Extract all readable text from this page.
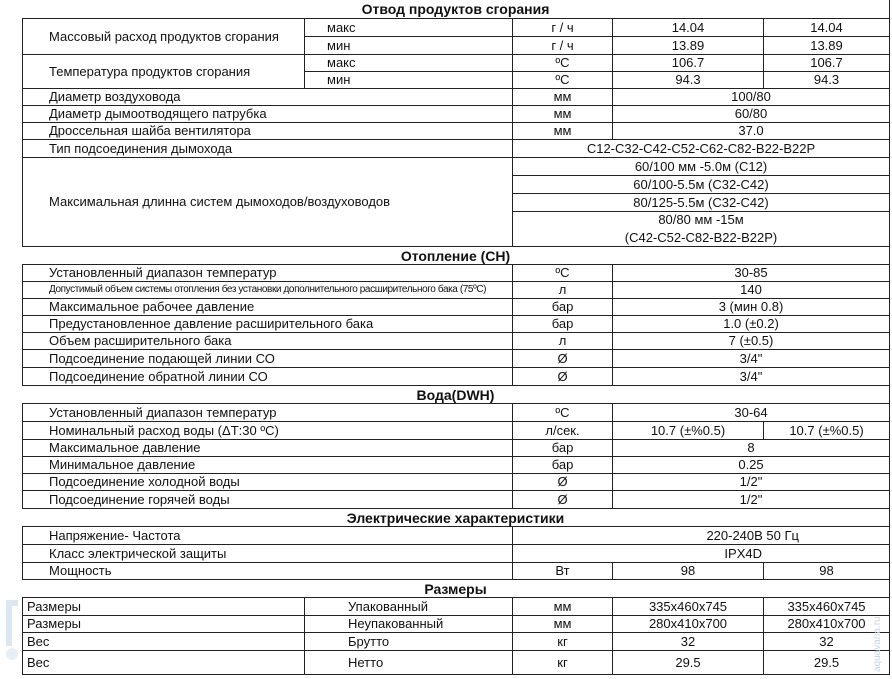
Отвод продуктов сгорания
Массовый расход продуктов сгорания
макс	г / ч	14.04	14.04
мин	г / ч	13.89	13.89
Температура продуктов сгорания
макс	ºС	106.7	106.7
мин	ºС	94.3	94.3
Диаметр воздуховода	мм	100/80
Диаметр дымоотводящего патрубка	мм	60/80
Дроссельная шайба вентилятора	мм	37.0
Тип подсоединения дымохода	С12-С32-С42-С52-С62-С82-В22-В22Р
Максимальная длинна систем дымоходов/воздуховодов
60/100 мм -5.0м (С12)
60/100-5.5м (С32-С42)
80/125-5.5м (С32-С42)
80/80 мм -15м
(С42-С52-С82-В22-В22Р)
Отопление (СН)
Установленный диапазон температур	ºС	30-85
Допустимый объем системы отопления без установки дополнительного расширительного бака (75ºС)	л	140
Максимальное рабочее давление	бар	3 (мин 0.8)
Предустановленное давление расширительного бака	бар	1.0 (±0.2)
Объем расширительного бака	л	7 (±0.5)
Подсоединение подающей линии СО	Ø	3/4"
Подсоединение обратной линии СО	Ø	3/4"
Вода(DWH)
Установленный диапазон температур	ºС	30-64
Номинальный расход воды (ΔТ:30 ºС)	л/сек.	10.7 (±%0.5)	10.7 (±%0.5)
Максимальное давление	бар	8
Минимальное давление	бар	0.25
Подсоединение холодной воды	Ø	1/2"
Подсоединение горячей воды	Ø	1/2"
Электрические характеристики
Напряжение- Частота	220-240В 50 Гц
Класс электрической защиты	IPX4D
Мощность	Вт	98	98
Размеры
Размеры	Упакованный	мм	335х460х745	335х460х745
Размеры	Неупакованный	мм	280х410х700	280х410х700
Вес	Брутто	кг	32	32
Вес	Нетто	кг	29.5	29.5	aquavana.ru
